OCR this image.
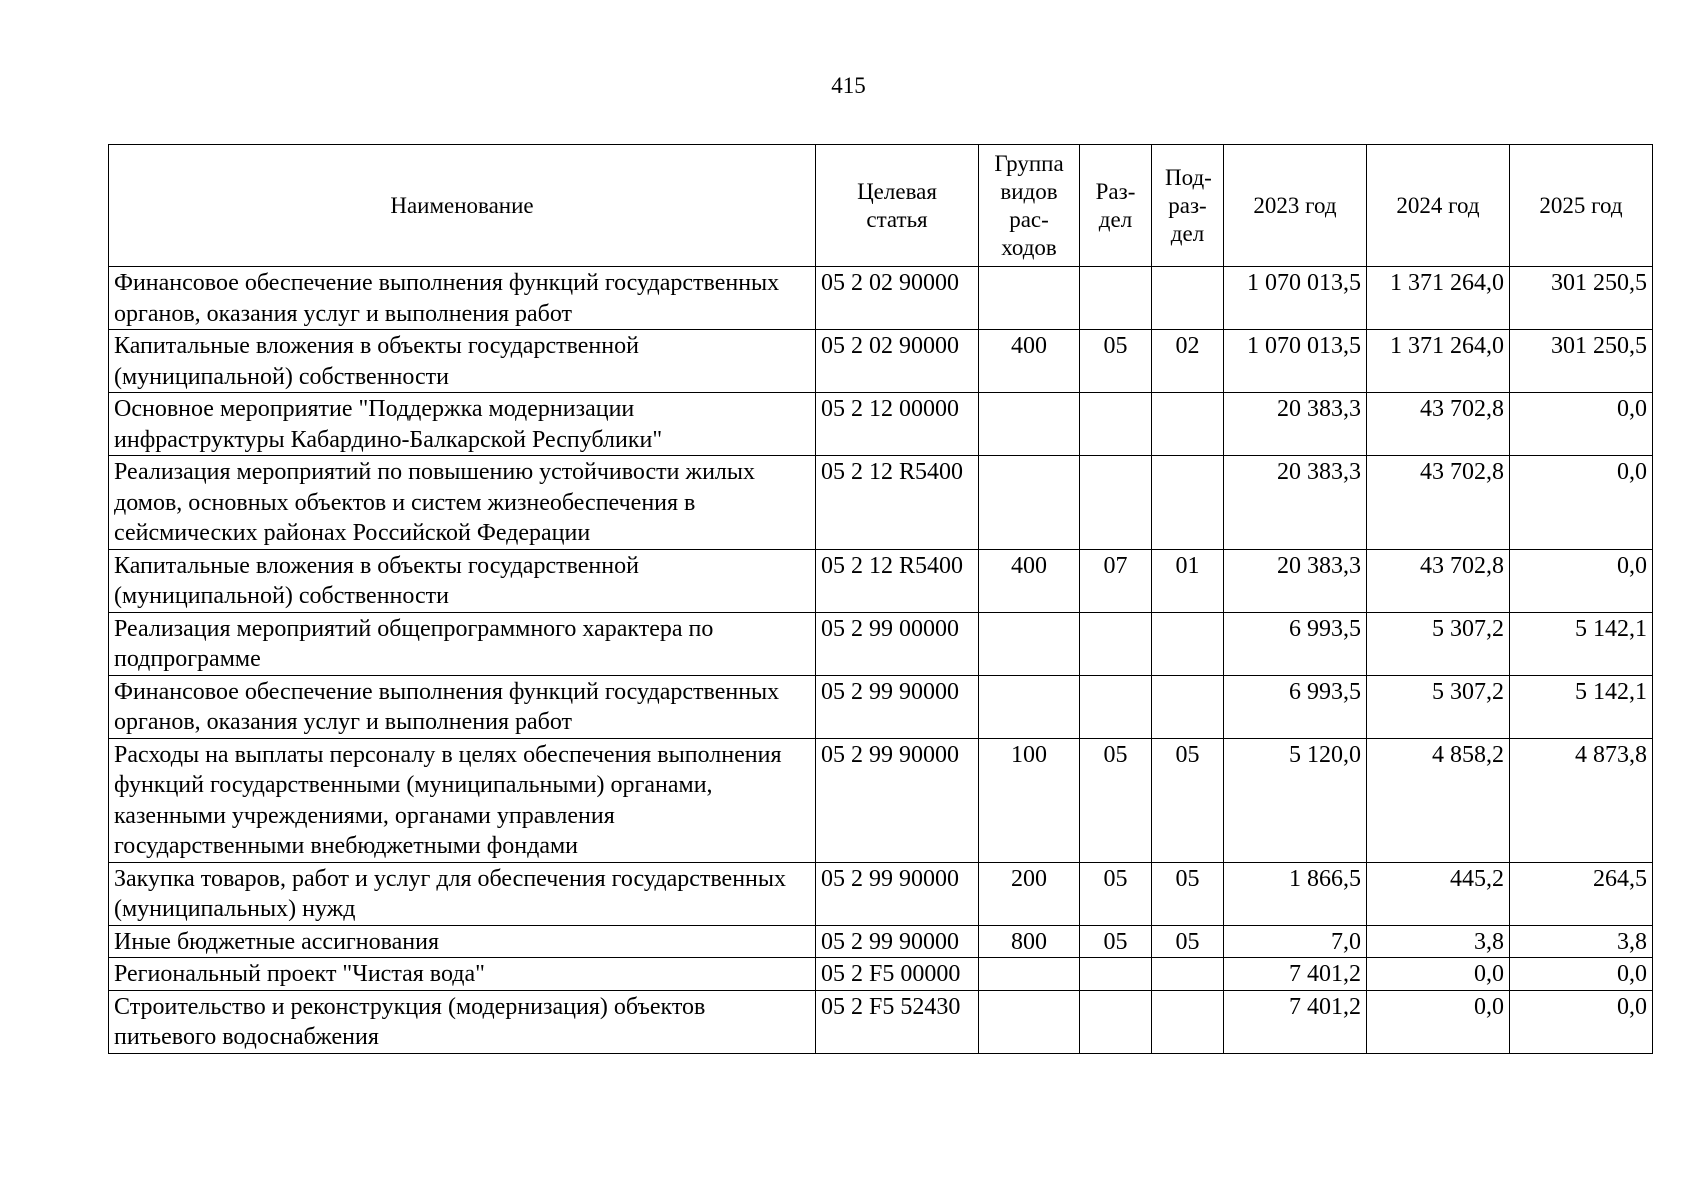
415
Наименование	Целевая статья	Группа видов рас- ходов	Раз- дел	Под- раз- дел	2023 год	2024 год	2025 год
Финансовое обеспечение выполнения функций государственных органов, оказания услуг и выполнения работ	05 2 02 90000				1 070 013,5	1 371 264,0	301 250,5
Капитальные вложения в объекты государственной (муниципальной) собственности	05 2 02 90000	400	05	02	1 070 013,5	1 371 264,0	301 250,5
Основное мероприятие "Поддержка модернизации инфраструктуры Кабардино-Балкарской Республики"	05 2 12 00000				20 383,3	43 702,8	0,0
Реализация мероприятий по повышению устойчивости жилых домов, основных объектов и систем жизнеобеспечения в сейсмических районах Российской Федерации	05 2 12 R5400				20 383,3	43 702,8	0,0
Капитальные вложения в объекты государственной (муниципальной) собственности	05 2 12 R5400	400	07	01	20 383,3	43 702,8	0,0
Реализация мероприятий общепрограммного характера по подпрограмме	05 2 99 00000				6 993,5	5 307,2	5 142,1
Финансовое обеспечение выполнения функций государственных органов, оказания услуг и выполнения работ	05 2 99 90000				6 993,5	5 307,2	5 142,1
Расходы на выплаты персоналу в целях обеспечения выполнения функций государственными (муниципальными) органами, казенными учреждениями, органами управления государственными внебюджетными фондами	05 2 99 90000	100	05	05	5 120,0	4 858,2	4 873,8
Закупка товаров, работ и услуг для обеспечения государственных (муниципальных) нужд	05 2 99 90000	200	05	05	1 866,5	445,2	264,5
Иные бюджетные ассигнования	05 2 99 90000	800	05	05	7,0	3,8	3,8
Региональный проект "Чистая вода"	05 2 F5 00000				7 401,2	0,0	0,0
Строительство и реконструкция (модернизация) объектов питьевого водоснабжения	05 2 F5 52430				7 401,2	0,0	0,0
